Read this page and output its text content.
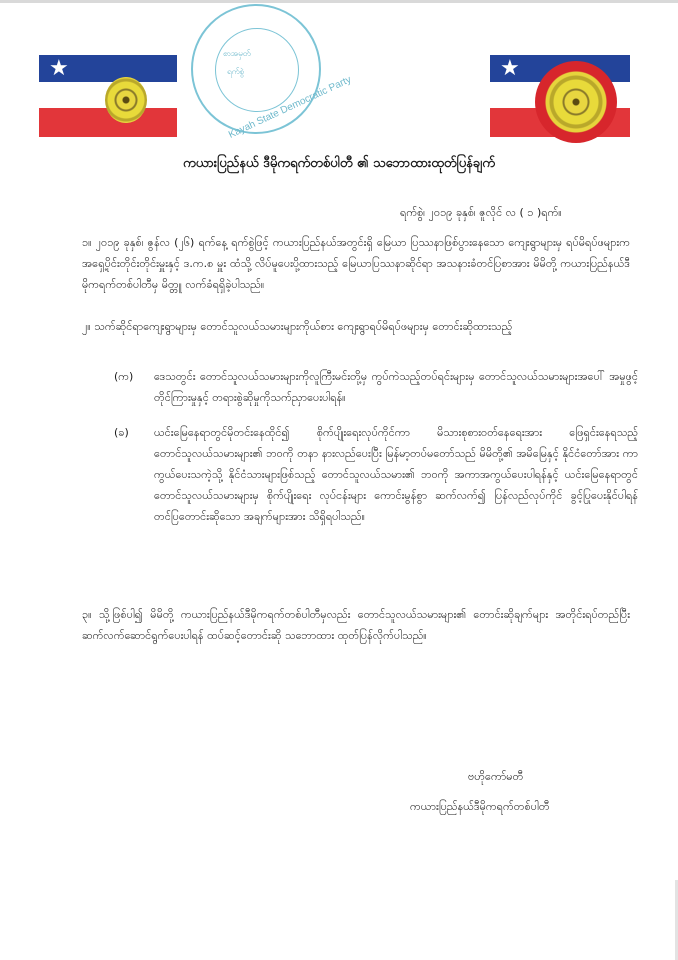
★
စာအမှတ်
ရက်စွဲ
Kayah State Democratic Party
★
ကယားပြည်နယ် ဒီမိုကရက်တစ်ပါတီ ၏ သဘောထားထုတ်ပြန်ချက်
ရက်စွဲ၊ ၂၀၁၉ ခုနှစ်၊ ဇူလိုင် လ ( ၁ )ရက်။
၁။ ၂၀၁၉ ခုနှစ်၊ ဇွန်လ (၂၆) ရက်နေ့ ရက်စွဲဖြင့် ကယားပြည်နယ်အတွင်းရှိ မြေယာ ပြဿနာဖြစ်ပွားနေသော ကျေးရွာများမှ ရပ်မိရပ်ဖများက အရှေ့ပိုင်းတိုင်းတိုင်းမှူးနှင့် ဒ.က.စ မှူး ထံသို့ လိပ်မူပေးပို့ထားသည့် မြေယာပြဿနာဆိုင်ရာ အသနားခံတင်ပြစာအား မိမိတို့ ကယားပြည်နယ်ဒီမိုကရက်တစ်ပါတီမှ မိတ္တူ လက်ခံရရှိခဲ့ပါသည်။
၂။ သက်ဆိုင်ရာကျေးရွာများမှ တောင်သူလယ်သမားများကိုယ်စား ကျေးရွာရပ်မိရပ်ဖများမှ တောင်းဆိုထားသည့်
(က) ဒေသတွင်း တောင်သူလယ်သမားများကိုလူကြီးမင်းတို့မှ ကွပ်ကဲသည့်တပ်ရင်းများမှ တောင်သူလယ်သမားများအပေါ် အမှုဖွင့်တိုင်ကြားမှုနှင့် တရားစွဲဆိုမှုကိုသက်ညှာပေးပါရန်။
(ခ) ယင်းမြေနေရာတွင်မိုတင်းနေထိုင်၍ စိုက်ပျိုးရေးလုပ်ကိုင်ကာ မိသားစုစားဝတ်နေရေးအား ဖြေရှင်းနေရသည့် တောင်သူလယ်သမားများ၏ ဘဝကို တနာ နားလည်ပေးပြီး မြန်မာ့တပ်မတော်သည် မိမိတို့၏ အမိမြေနှင့် နိုင်ငံတော်အား ကာကွယ်ပေးသကဲ့သို့ နိုင်ငံသားများဖြစ်သည့် တောင်သူလယ်သမား၏ ဘဝကို အကာအကွယ်ပေးပါရန်နှင့် ယင်းမြေနေရာတွင် တောင်သူလယ်သမားများမှ စိုက်ပျိုးရေး လုပ်ငန်းများ ကောင်းမွန်စွာ ဆက်လက်၍ ပြန်လည်လုပ်ကိုင် ခွင့်ပြုပေးနိုင်ပါရန် တင်ပြတောင်းဆိုသော အချက်များအား သိရှိရပါသည်။
၃။ သို့ဖြစ်ပါ၍ မိမိတို့ ကယားပြည်နယ်ဒီမိုကရက်တစ်ပါတီမှလည်း တောင်သူလယ်သမားများ၏ တောင်းဆိုချက်များ အတိုင်းရပ်တည်ပြီး ဆက်လက်ဆောင်ရွက်ပေးပါရန် ထပ်ဆင့်တောင်းဆို သဘောထား ထုတ်ပြန်လိုက်ပါသည်။
ဗဟိုကော်မတီ
ကယားပြည်နယ်ဒီမိုကရက်တစ်ပါတီ
